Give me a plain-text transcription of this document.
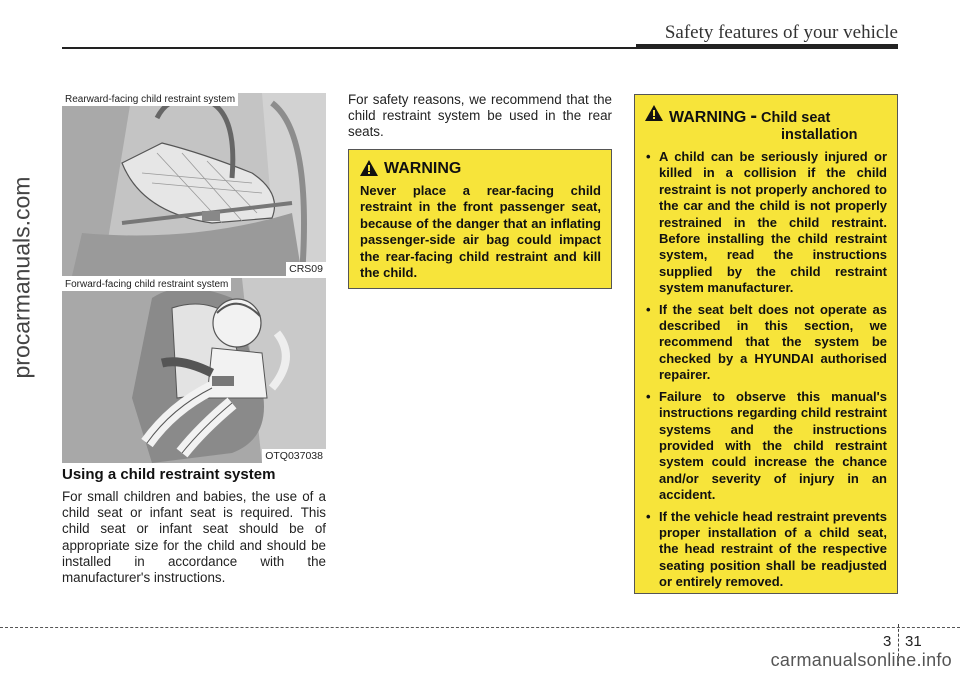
Safety features of your vehicle
procarmanuals.com
Rearward-facing child restraint system
CRS09
Forward-facing child restraint system
OTQ037038
Using a child restraint system
For small children and babies, the use of a child seat or infant seat is required. This child seat or infant seat should be of appropriate size for the child and should be installed in accordance with the manufacturer's instructions.
For safety reasons, we recommend that the child restraint system be used in the rear seats.
WARNING
Never place a rear-facing child restraint in the front passenger seat, because of the danger that an inflating passenger-side air bag could impact the rear-facing child restraint and kill the child.
WARNING - Child seat
installation
• A child can be seriously injured or killed in a collision if the child restraint is not properly anchored to the car and the child is not properly restrained in the child restraint. Before installing the child restraint system, read the instructions supplied by the child restraint system manufacturer.
• If the seat belt does not operate as described in this section, we recommend that the system be checked by a HYUNDAI authorised repairer.
• Failure to observe this manual's instructions regarding child restraint systems and the instructions provided with the child restraint system could increase the chance and/or severity of injury in an accident.
• If the vehicle head restraint prevents proper installation of a child seat, the head restraint of the respective seating position shall be readjusted or entirely removed.
3 31
carmanualsonline.info
